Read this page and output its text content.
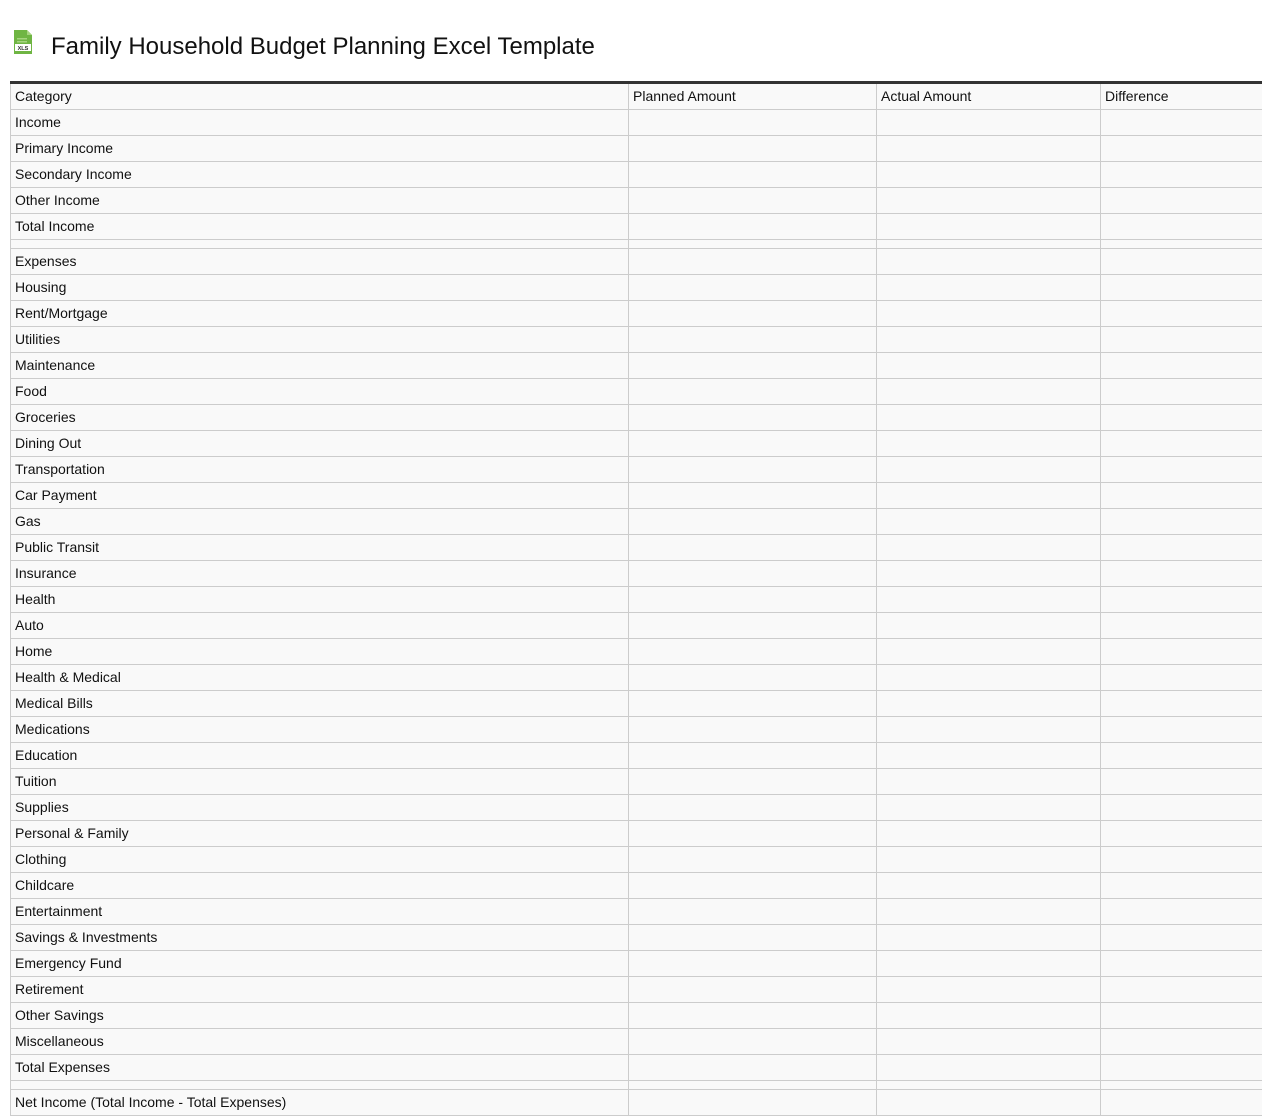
XLS Family Household Budget Planning Excel Template
Category	Planned Amount	Actual Amount	Difference
Income			
Primary Income			
Secondary Income			
Other Income			
Total Income			

Expenses			
Housing			
Rent/Mortgage			
Utilities			
Maintenance			
Food			
Groceries			
Dining Out			
Transportation			
Car Payment			
Gas			
Public Transit			
Insurance			
Health			
Auto			
Home			
Health & Medical			
Medical Bills			
Medications			
Education			
Tuition			
Supplies			
Personal & Family			
Clothing			
Childcare			
Entertainment			
Savings & Investments			
Emergency Fund			
Retirement			
Other Savings			
Miscellaneous			
Total Expenses			

Net Income (Total Income - Total Expenses)			
